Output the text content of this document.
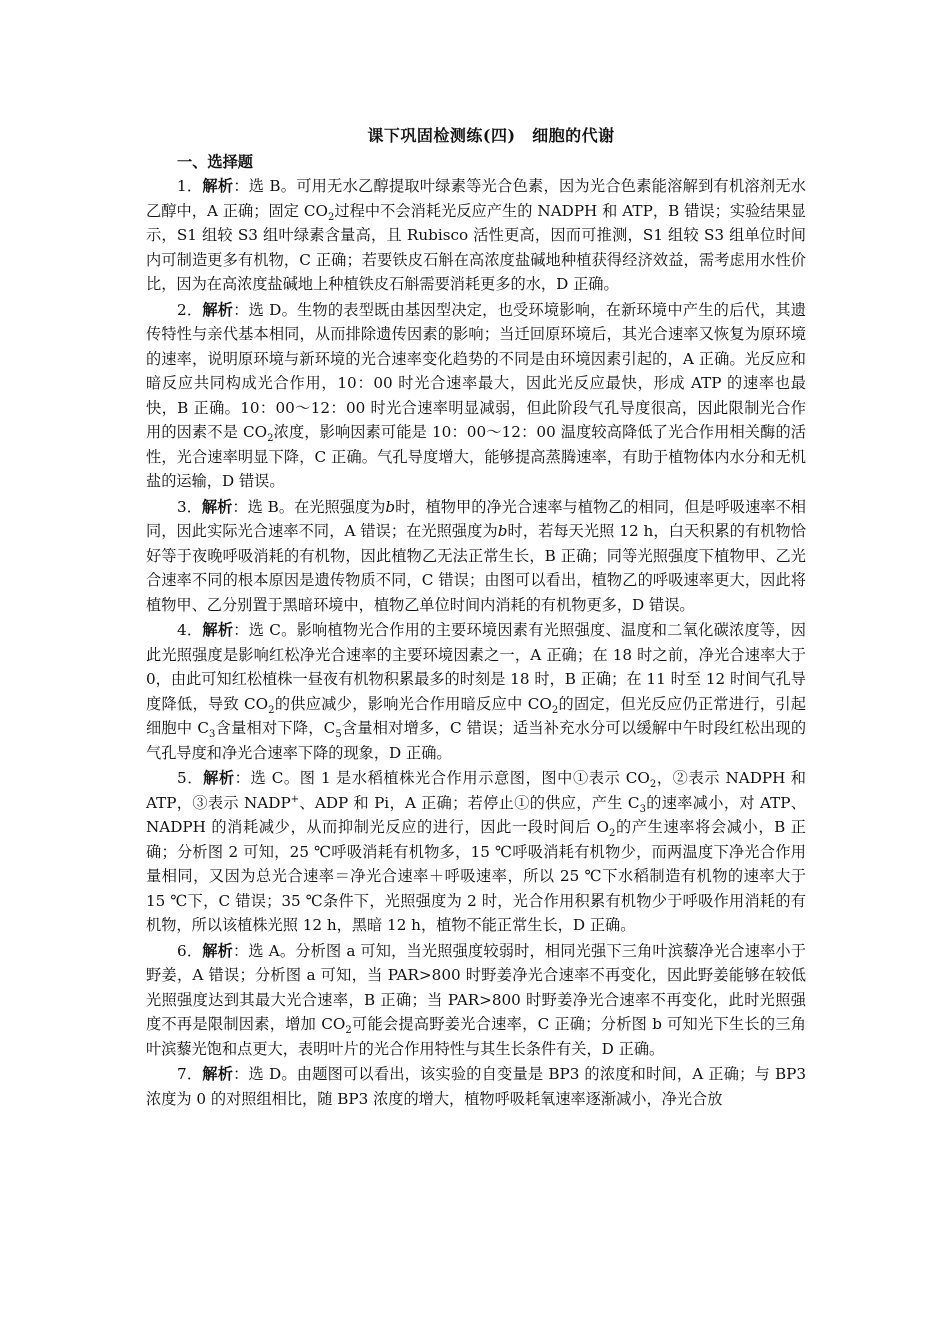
课下巩固检测练(四)　细胞的代谢

一、选择题

1．解析：选 B。可用无水乙醇提取叶绿素等光合色素，因为光合色素能溶解到有机溶剂无水乙醇中，A 正确；固定 $CO_2$过程中不会消耗光反应产生的 NADPH 和 ATP，B 错误；实验结果显示，S1 组较 S3 组叶绿素含量高，且 Rubisco 活性更高，因而可推测，S1 组较 S3 组单位时间内可制造更多有机物，C 正确；若要铁皮石斛在高浓度盐碱地种植获得经济效益，需考虑用水性价比，因为在高浓度盐碱地上种植铁皮石斛需要消耗更多的水，D 正确。

2．解析：选 D。生物的表型既由基因型决定，也受环境影响，在新环境中产生的后代，其遗传特性与亲代基本相同，从而排除遗传因素的影响；当迁回原环境后，其光合速率又恢复为原环境的速率，说明原环境与新环境的光合速率变化趋势的不同是由环境因素引起的，A 正确。光反应和暗反应共同构成光合作用，10：00 时光合速率最大，因此光反应最快，形成 ATP 的速率也最快，B 正确。10：00～12：00 时光合速率明显减弱，但此阶段气孔导度很高，因此限制光合作用的因素不是 $CO_2$浓度，影响因素可能是 10：00～12：00 温度较高降低了光合作用相关酶的活性，光合速率明显下降，C 正确。气孔导度增大，能够提高蒸腾速率，有助于植物体内水分和无机盐的运输，D 错误。

3．解析：选 B。在光照强度为b时，植物甲的净光合速率与植物乙的相同，但是呼吸速率不相同，因此实际光合速率不同，A 错误；在光照强度为b时，若每天光照 12 h，白天积累的有机物恰好等于夜晚呼吸消耗的有机物，因此植物乙无法正常生长，B 正确；同等光照强度下植物甲、乙光合速率不同的根本原因是遗传物质不同，C 错误；由图可以看出，植物乙的呼吸速率更大，因此将植物甲、乙分别置于黑暗环境中，植物乙单位时间内消耗的有机物更多，D 错误。

4．解析：选 C。影响植物光合作用的主要环境因素有光照强度、温度和二氧化碳浓度等，因此光照强度是影响红松净光合速率的主要环境因素之一，A 正确；在 18 时之前，净光合速率大于 0，由此可知红松植株一昼夜有机物积累最多的时刻是 18 时，B 正确；在 11 时至 12 时间气孔导度降低，导致 $CO_2$的供应减少，影响光合作用暗反应中 $CO_2$的固定，但光反应仍正常进行，引起细胞中 $C_3$含量相对下降，$C_5$含量相对增多，C 错误；适当补充水分可以缓解中午时段红松出现的气孔导度和净光合速率下降的现象，D 正确。

5．解析：选 C。图 1 是水稻植株光合作用示意图，图中①表示 $CO_2$，②表示 NADPH 和 ATP，③表示 NADP+、ADP 和 Pi，A 正确；若停止①的供应，产生 $C_3$的速率减小，对 ATP、NADPH 的消耗减少，从而抑制光反应的进行，因此一段时间后 $O_2$的产生速率将会减小，B 正确；分析图 2 可知，25 ℃呼吸消耗有机物多，15 ℃呼吸消耗有机物少，而两温度下净光合作用量相同，又因为总光合速率＝净光合速率＋呼吸速率，所以 25 ℃下水稻制造有机物的速率大于 15 ℃下，C 错误；35 ℃条件下，光照强度为 2 时，光合作用积累有机物少于呼吸作用消耗的有机物，所以该植株光照 12 h，黑暗 12 h，植物不能正常生长，D 正确。

6．解析：选 A。分析图 a 可知，当光照强度较弱时，相同光强下三角叶滨藜净光合速率小于野姜，A 错误；分析图 a 可知，当 PAR>800 时野姜净光合速率不再变化，因此野姜能够在较低光照强度达到其最大光合速率，B 正确；当 PAR>800 时野姜净光合速率不再变化，此时光照强度不再是限制因素，增加 $CO_2$可能会提高野姜光合速率，C 正确；分析图 b 可知光下生长的三角叶滨藜光饱和点更大，表明叶片的光合作用特性与其生长条件有关，D 正确。

7．解析：选 D。由题图可以看出，该实验的自变量是 BP3 的浓度和时间，A 正确；与 BP3 浓度为 0 的对照组相比，随 BP3 浓度的增大，植物呼吸耗氧速率逐渐减小，净光合放
